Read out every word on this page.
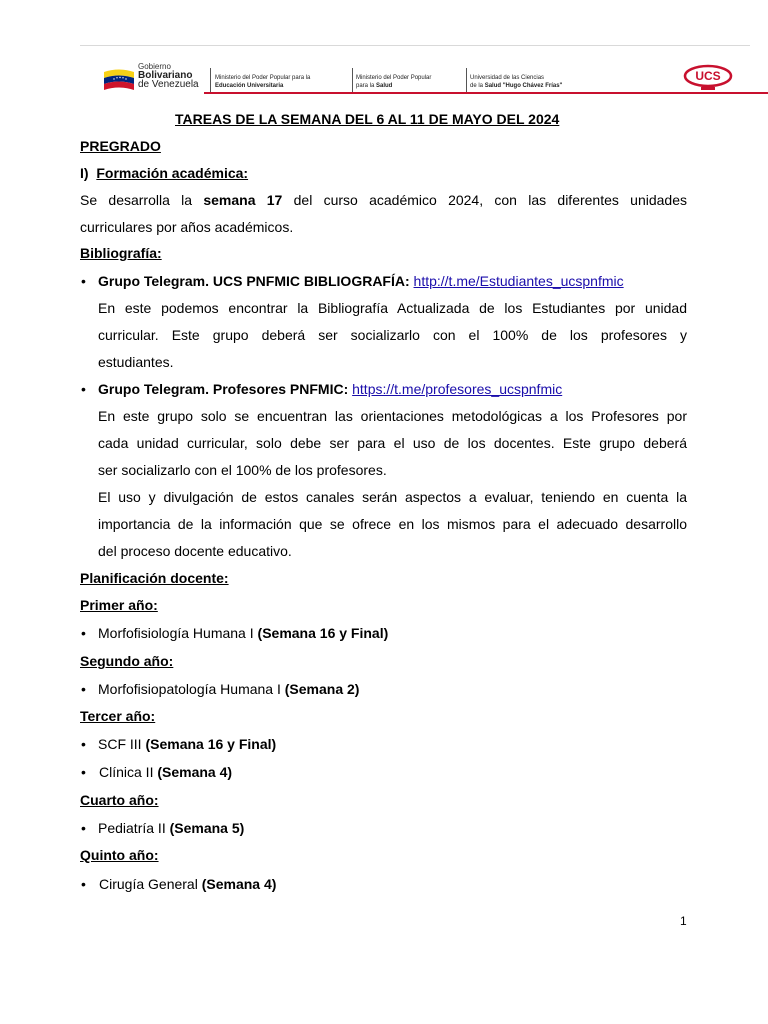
Gobierno
Bolivariano
de Venezuela
Ministerio del Poder Popular para la
Educación Universitaria
Ministerio del Poder Popular
para la Salud
Universidad de las Ciencias
de la Salud "Hugo Chávez Frías"
UCS
TAREAS DE LA SEMANA DEL 6 AL 11 DE MAYO DEL 2024
PREGRADO
I) Formación académica:
Se desarrolla la semana 17 del curso académico 2024, con las diferentes unidades
curriculares por años académicos.
Bibliografía:
• Grupo Telegram. UCS PNFMIC BIBLIOGRAFÍA: http://t.me/Estudiantes_ucspnfmic
En este podemos encontrar la Bibliografía Actualizada de los Estudiantes por unidad
curricular. Este grupo deberá ser socializarlo con el 100% de los profesores y
estudiantes.
• Grupo Telegram. Profesores PNFMIC: https://t.me/profesores_ucspnfmic
En este grupo solo se encuentran las orientaciones metodológicas a los Profesores por
cada unidad curricular, solo debe ser para el uso de los docentes. Este grupo deberá
ser socializarlo con el 100% de los profesores.
El uso y divulgación de estos canales serán aspectos a evaluar, teniendo en cuenta la
importancia de la información que se ofrece en los mismos para el adecuado desarrollo
del proceso docente educativo.
Planificación docente:
Primer año:
• Morfofisiología Humana I (Semana 16 y Final)
Segundo año:
• Morfofisiopatología Humana I (Semana 2)
Tercer año:
• SCF III (Semana 16 y Final)
• Clínica II (Semana 4)
Cuarto año:
• Pediatría II (Semana 5)
Quinto año:
• Cirugía General (Semana 4)
1
